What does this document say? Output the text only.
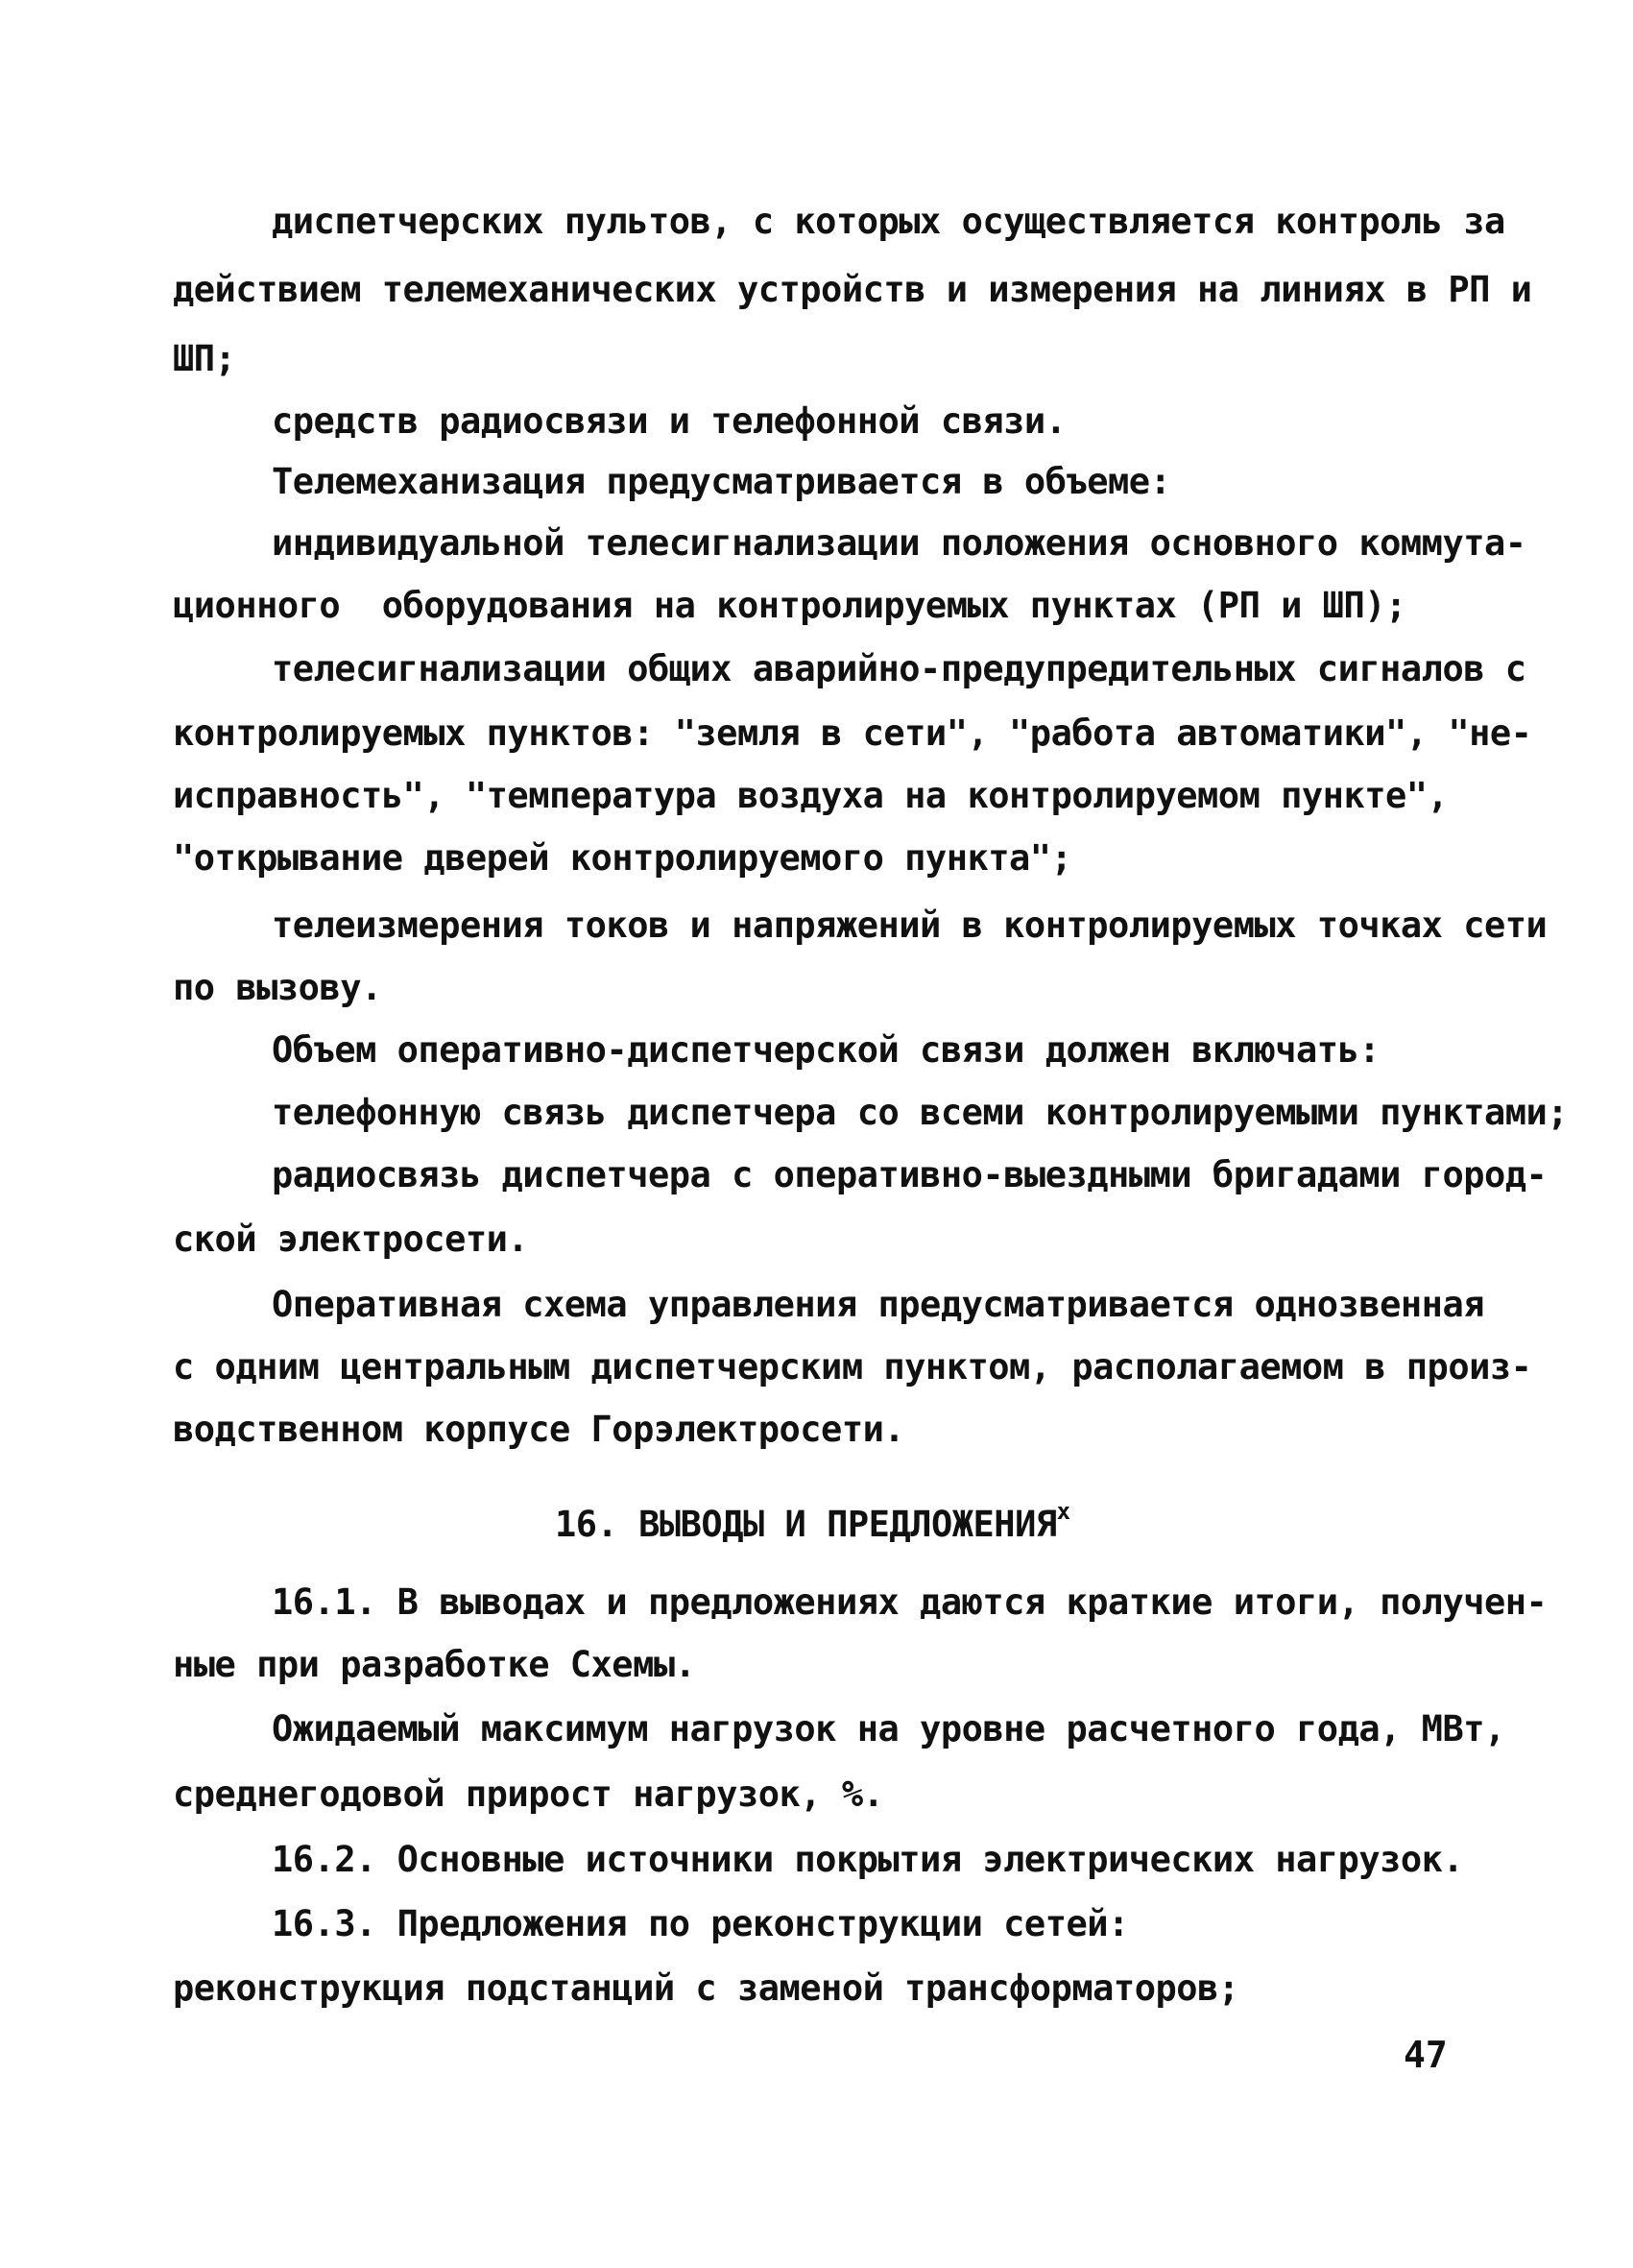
диспетчерских пультов, с которых осуществляется контроль за
действием телемеханических устройств и измерения на линиях в РП и
ШП;
средств радиосвязи и телефонной связи.
Телемеханизация предусматривается в объеме:
индивидуальной телесигнализации положения основного коммута-
ционного  оборудования на контролируемых пунктах (РП и ШП);
телесигнализации общих аварийно-предупредительных сигналов с
контролируемых пунктов: "земля в сети", "работа автоматики", "не-
исправность", "температура воздуха на контролируемом пункте",
"открывание дверей контролируемого пункта";
телеизмерения токов и напряжений в контролируемых точках сети
по вызову.
Объем оперативно-диспетчерской связи должен включать:
телефонную связь диспетчера со всеми контролируемыми пунктами;
радиосвязь диспетчера с оперативно-выездными бригадами город-
ской электросети.
Оперативная схема управления предусматривается однозвенная
с одним центральным диспетчерским пунктом, располагаемом в произ-
водственном корпусе Горэлектросети.
16. ВЫВОДЫ И ПРЕДЛОЖЕНИЯ$^x$
16.1. В выводах и предложениях даются краткие итоги, получен-
ные при разработке Схемы.
Ожидаемый максимум нагрузок на уровне расчетного года, МВт,
среднегодовой прирост нагрузок, %.
16.2. Основные источники покрытия электрических нагрузок.
16.3. Предложения по реконструкции сетей:
реконструкция подстанций с заменой трансформаторов;
47
